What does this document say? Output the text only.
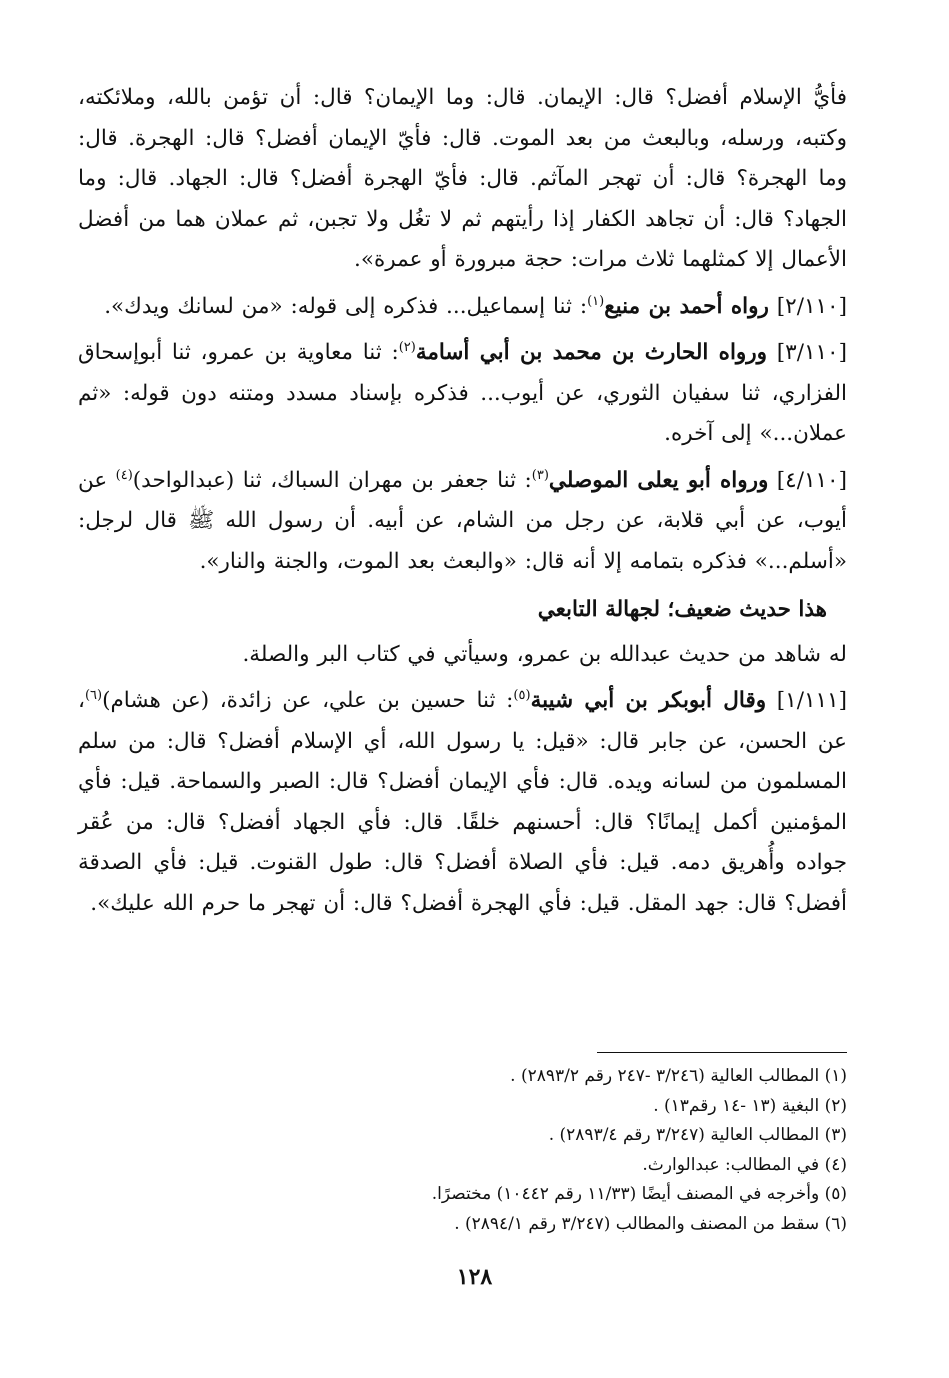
فأيُّ الإسلام أفضل؟ قال: الإيمان. قال: وما الإيمان؟ قال: أن تؤمن بالله، وملائكته، وكتبه، ورسله، وبالبعث من بعد الموت. قال: فأيّ الإيمان أفضل؟ قال: الهجرة. قال: وما الهجرة؟ قال: أن تهجر المآثم. قال: فأيّ الهجرة أفضل؟ قال: الجهاد. قال: وما الجهاد؟ قال: أن تجاهد الكفار إذا رأيتهم ثم لا تغُل ولا تجبن، ثم عملان هما من أفضل الأعمال إلا كمثلهما ثلاث مرات: حجة مبرورة أو عمرة».

[٢/١١٠] رواه أحمد بن منيع$^{(١)}$: ثنا إسماعيل... فذكره إلى قوله: «من لسانك ويدك».

[٣/١١٠] ورواه الحارث بن محمد بن أبي أسامة$^{(٢)}$: ثنا معاوية بن عمرو، ثنا أبوإسحاق الفزاري، ثنا سفيان الثوري، عن أيوب... فذكره بإسناد مسدد ومتنه دون قوله: «ثم عملان...» إلى آخره.

[٤/١١٠] ورواه أبو يعلى الموصلي$^{(٣)}$: ثنا جعفر بن مهران السباك، ثنا (عبدالواحد)$^{(٤)}$ عن أيوب، عن أبي قلابة، عن رجل من الشام، عن أبيه. أن رسول الله ﷺ قال لرجل: «أسلم...» فذكره بتمامه إلا أنه قال: «والبعث بعد الموت، والجنة والنار».

هذا حديث ضعيف؛ لجهالة التابعي

له شاهد من حديث عبدالله بن عمرو، وسيأتي في كتاب البر والصلة.

[١/١١١] وقال أبوبكر بن أبي شيبة$^{(٥)}$: ثنا حسين بن علي، عن زائدة، (عن هشام)$^{(٦)}$، عن الحسن، عن جابر قال: «قيل: يا رسول الله، أي الإسلام أفضل؟ قال: من سلم المسلمون من لسانه ويده. قال: فأي الإيمان أفضل؟ قال: الصبر والسماحة. قيل: فأي المؤمنين أكمل إيمانًا؟ قال: أحسنهم خلقًا. قال: فأي الجهاد أفضل؟ قال: من عُقر جواده وأُهريق دمه. قيل: فأي الصلاة أفضل؟ قال: طول القنوت. قيل: فأي الصدقة أفضل؟ قال: جهد المقل. قيل: فأي الهجرة أفضل؟ قال: أن تهجر ما حرم الله عليك».

(١) المطالب العالية (٣/٢٤٦ -٢٤٧ رقم ٢٨٩٣/٢) .

(٢) البغية (١٣ -١٤ رقم١٣) .

(٣) المطالب العالية (٣/٢٤٧ رقم ٢٨٩٣/٤) .

(٤) في المطالب: عبدالوارث.

(٥) وأخرجه في المصنف أيضًا (١١/٣٣ رقم ١٠٤٤٢) مختصرًا.

(٦) سقط من المصنف والمطالب (٣/٢٤٧ رقم ٢٨٩٤/١) .

١٢٨
